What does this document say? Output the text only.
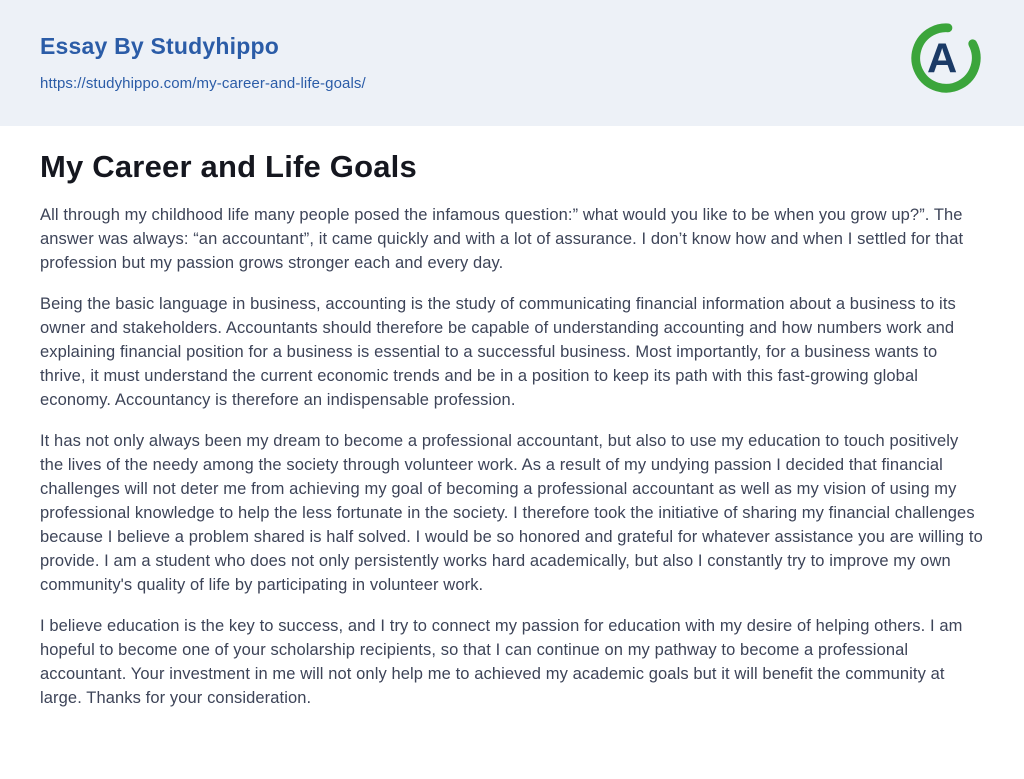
Essay By Studyhippo
https://studyhippo.com/my-career-and-life-goals/
A
My Career and Life Goals

All through my childhood life many people posed the infamous question:” what would you like to be when you grow up?”. The answer was always: “an accountant”, it came quickly and with a lot of assurance. I don’t know how and when I settled for that profession but my passion grows stronger each and every day.

Being the basic language in business, accounting is the study of communicating financial information about a business to its owner and stakeholders. Accountants should therefore be capable of understanding accounting and how numbers work and explaining financial position for a business is essential to a successful business. Most importantly, for a business wants to thrive, it must understand the current economic trends and be in a position to keep its path with this fast-growing global economy. Accountancy is therefore an indispensable profession.

It has not only always been my dream to become a professional accountant, but also to use my education to touch positively the lives of the needy among the society through volunteer work. As a result of my undying passion I decided that financial challenges will not deter me from achieving my goal of becoming a professional accountant as well as my vision of using my professional knowledge to help the less fortunate in the society. I therefore took the initiative of sharing my financial challenges because I believe a problem shared is half solved. I would be so honored and grateful for whatever assistance you are willing to provide. I am a student who does not only persistently works hard academically, but also I constantly try to improve my own community's quality of life by participating in volunteer work.

I believe education is the key to success, and I try to connect my passion for education with my desire of helping others. I am hopeful to become one of your scholarship recipients, so that I can continue on my pathway to become a professional accountant. Your investment in me will not only help me to achieved my academic goals but it will benefit the community at large. Thanks for your consideration.
